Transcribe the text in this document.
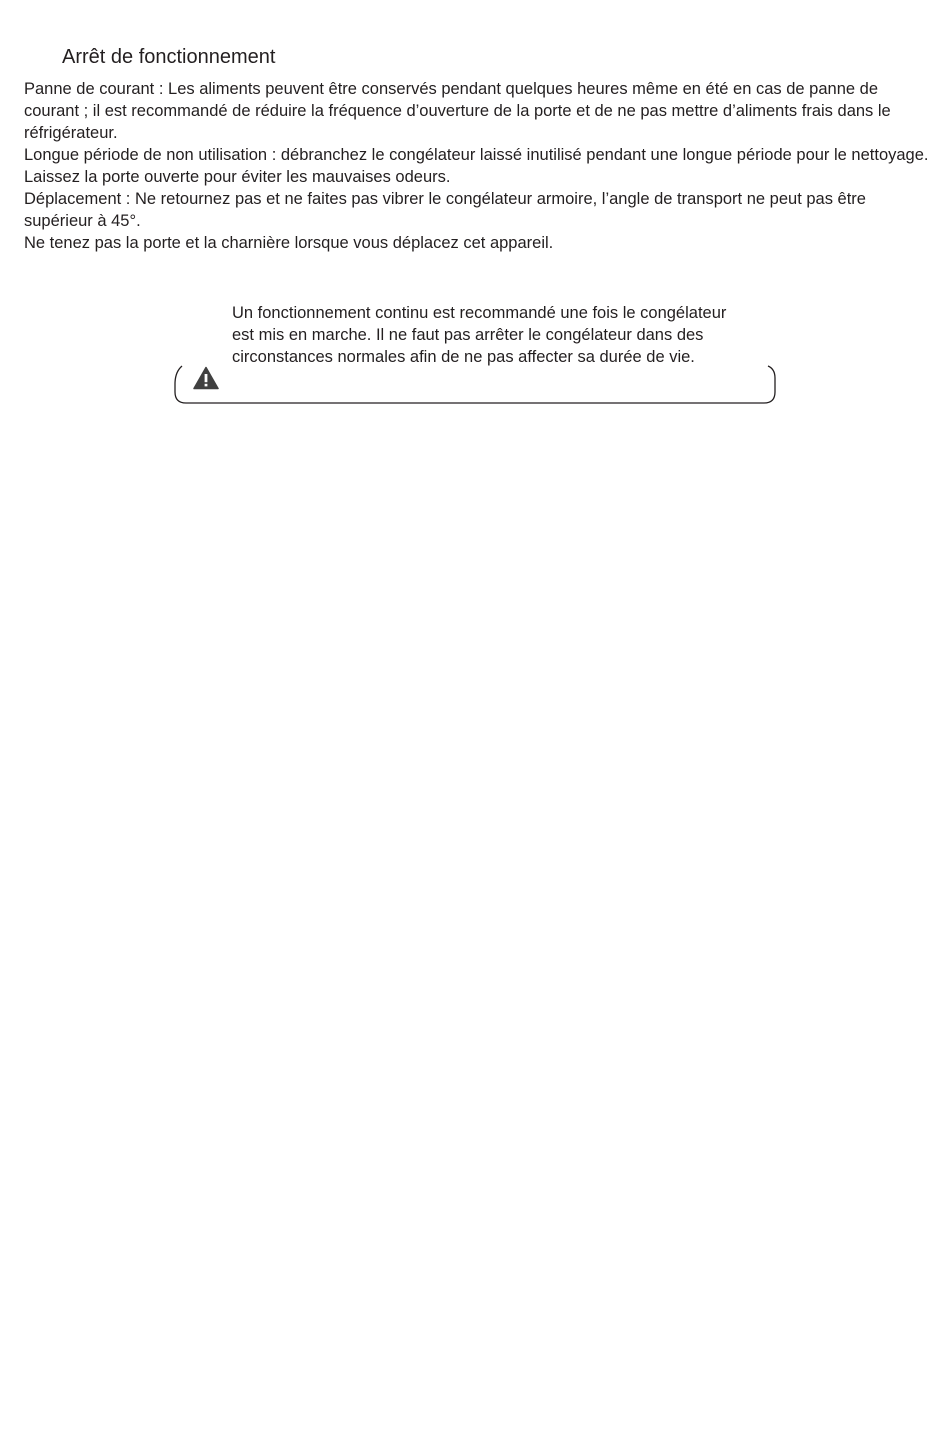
Arrêt de fonctionnement

Panne de courant : Les aliments peuvent être conservés pendant quelques heures même en été en cas de panne de courant ; il est recommandé de réduire la fréquence d’ouverture de la porte et de ne pas mettre d’aliments frais dans le réfrigérateur.

Longue période de non utilisation : débranchez le congélateur laissé inutilisé pendant une longue période pour le nettoyage.

Laissez la porte ouverte pour éviter les mauvaises odeurs.

Déplacement : Ne retournez pas et ne faites pas vibrer le congélateur armoire, l’angle de transport ne peut pas être supérieur à 45°.

Ne tenez pas la porte et la charnière lorsque vous déplacez cet appareil.

Un fonctionnement continu est recommandé une fois le congélateur est mis en marche. Il ne faut pas arrêter le congélateur dans des circonstances normales afin de ne pas affecter sa durée de vie.
